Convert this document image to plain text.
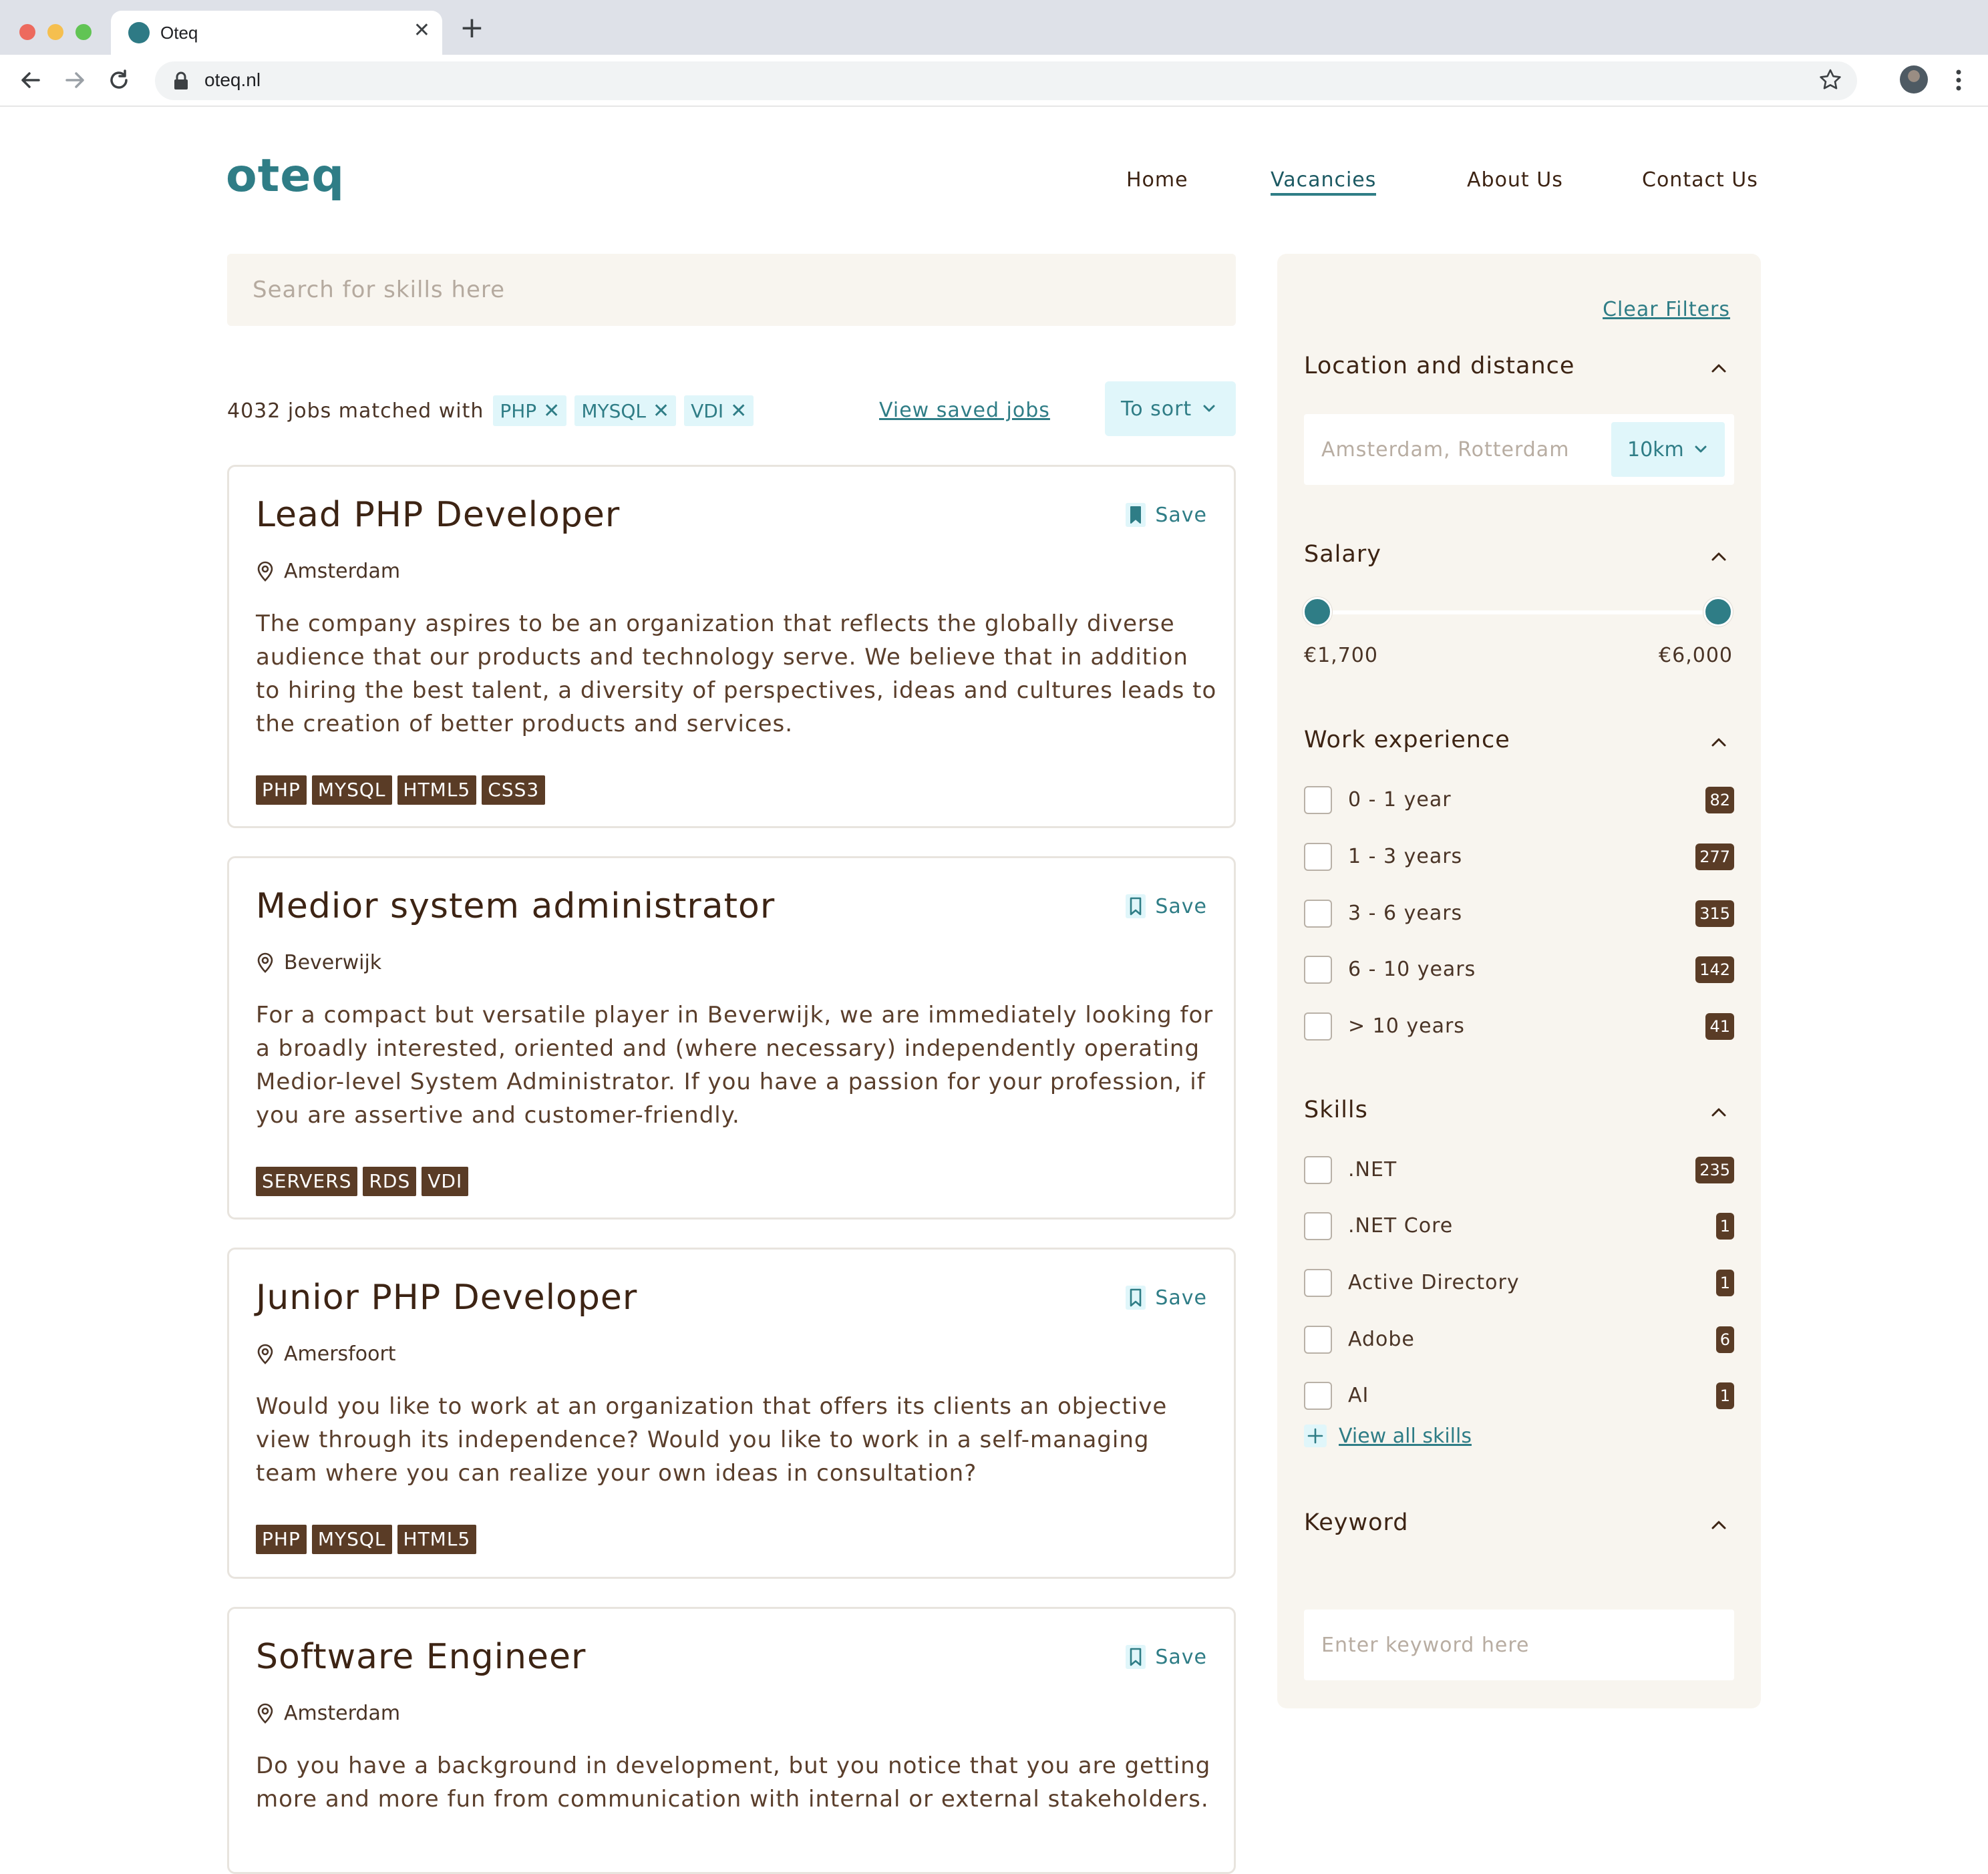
Oteq	✕ +
oteq.nl
oteq	Home	Vacancies	About Us	Contact Us
Search for skills here
4032 jobs matched with PHP ✕ MYSQL ✕ VDI ✕	View saved jobs	To sort
Lead PHP Developer	Save
Amsterdam
The company aspires to be an organization that reflects the globally diverse audience that our products and technology serve. We believe that in addition to hiring the best talent, a diversity of perspectives, ideas and cultures leads to the creation of better products and services.
PHP MYSQL HTML5 CSS3
Medior system administrator	Save
Beverwijk
For a compact but versatile player in Beverwijk, we are immediately looking for a broadly interested, oriented and (where necessary) independently operating Medior-level System Administrator. If you have a passion for your profession, if you are assertive and customer-friendly.
SERVERS RDS VDI
Junior PHP Developer	Save
Amersfoort
Would you like to work at an organization that offers its clients an objective view through its independence? Would you like to work in a self-managing team where you can realize your own ideas in consultation?
PHP MYSQL HTML5
Software Engineer	Save
Amsterdam
Do you have a background in development, but you notice that you are getting more and more fun from communication with internal or external stakeholders.
Clear Filters
Location and distance
Amsterdam, Rotterdam	10km
Salary
€1,700	€6,000
Work experience
0 - 1 year	82
1 - 3 years	277
3 - 6 years	315
6 - 10 years	142
> 10 years	41
Skills
.NET	235
.NET Core	1
Active Directory	1
Adobe	6
AI	1
View all skills
Keyword
Enter keyword here
